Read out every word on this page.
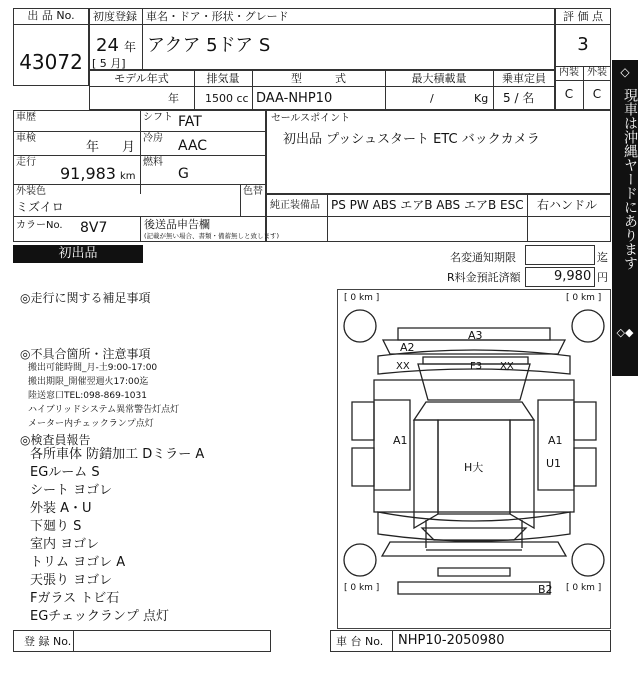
出 品 No.
43072
初度登録 車名・ドア・形状・グレード
24 年
[ 5 月]
アクア 5ドア S
評 価 点
3
内装 外装
C	C
モデル年式	排気量	型　　　式	最大積載量	乗車定員
年 1500 cc DAA-NHP10	/	Kg 5 / 名
車歴	シフト FAT
車検
年 月
冷房 AAC
走行
91,983 km
燃料
G
外装色
ミズイロ
色替
カラーNo. 8V7	後送品申告欄
(記載が無い場合、書類・備蓄無しと致します)
セールスポイント
初出品 プッシュスタート ETC バックカメラ
純正装備品 PS PW ABS エアB ABS エアB ESC 右ハンドル
◇
現車は沖縄ヤードにあります
◇◆
初出品	名変通知期限	迄
R料金預託済額	9,980 円
◎走行に関する補足事項
◎不具合箇所・注意事項
搬出可能時間_月-土9:00-17:00
搬出期限_開催翌週火17:00迄
陸送窓口TEL:098-869-1031
ハイブリッドシステム異常警告灯点灯
メーター内チェックランプ点灯
◎検査員報告
各所車体 防錆加工 Dミラー A
EGルーム S
シート ヨゴレ
外装 A・U
下廻り S
室内 ヨゴレ
トリム ヨゴレ A
天張り ヨゴレ
Fガラス トビ石
EGチェックランプ 点灯
[ 0 km ]	[ 0 km ]
[ 0 km ]	[ 0 km ]
A3
A2
XX	F3 XX
A1	A1
H大	U1
B2
登 録 No.	車 台 No. NHP10-2050980
